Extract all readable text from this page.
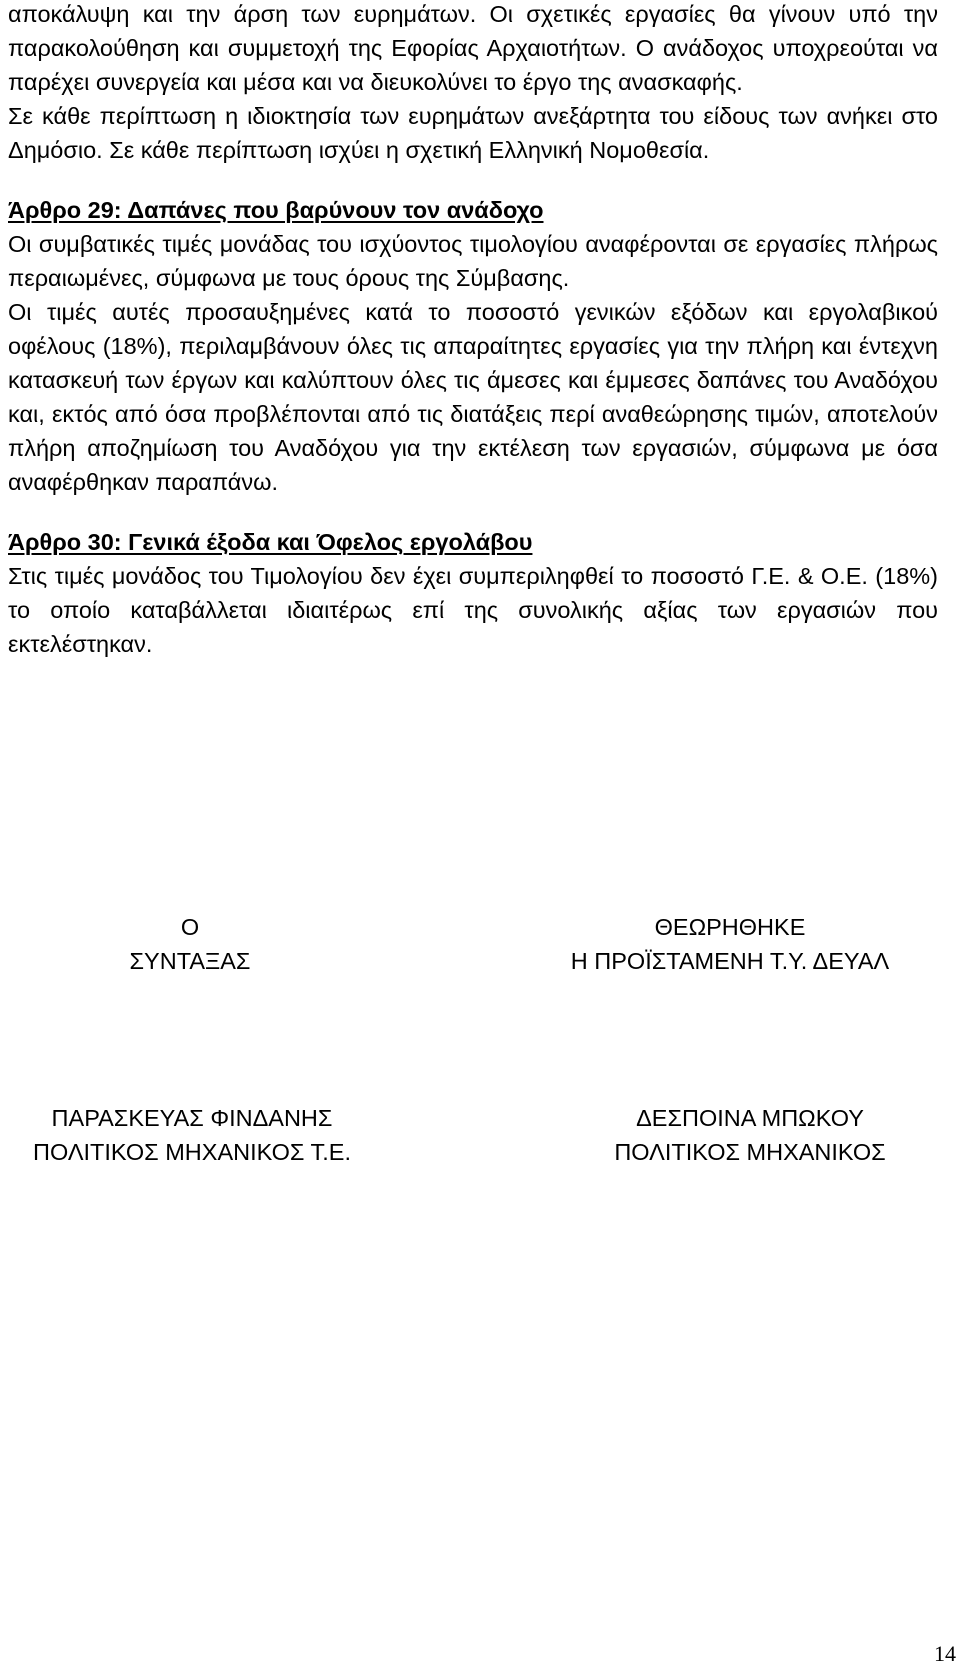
αποκάλυψη και την άρση των ευρημάτων. Οι σχετικές εργασίες θα γίνουν υπό την παρακολούθηση και συμμετοχή της Εφορίας Αρχαιοτήτων. Ο ανάδοχος υποχρεούται να παρέχει συνεργεία και μέσα και να διευκολύνει το έργο της ανασκαφής.

Σε κάθε περίπτωση η ιδιοκτησία των ευρημάτων ανεξάρτητα του είδους των ανήκει στο Δημόσιο. Σε κάθε περίπτωση ισχύει η σχετική Ελληνική Νομοθεσία.

Άρθρο 29: Δαπάνες που βαρύνουν τον ανάδοχο

Οι συμβατικές τιμές μονάδας του ισχύοντος τιμολογίου αναφέρονται σε εργασίες πλήρως περαιωμένες, σύμφωνα με τους όρους της Σύμβασης.

Οι τιμές αυτές προσαυξημένες κατά το ποσοστό γενικών εξόδων και εργολαβικού οφέλους (18%), περιλαμβάνουν όλες τις απαραίτητες εργασίες για την πλήρη και έντεχνη κατασκευή των έργων και καλύπτουν όλες τις άμεσες και έμμεσες δαπάνες του Αναδόχου και, εκτός από όσα προβλέπονται από τις διατάξεις περί αναθεώρησης τιμών, αποτελούν πλήρη αποζημίωση του Αναδόχου για την εκτέλεση των εργασιών, σύμφωνα με όσα αναφέρθηκαν παραπάνω.

Άρθρο 30: Γενικά έξοδα και Όφελος εργολάβου

Στις τιμές μονάδος του Τιμολογίου δεν έχει συμπεριληφθεί το ποσοστό Γ.Ε. & Ο.Ε. (18%) το οποίο καταβάλλεται ιδιαιτέρως επί της συνολικής αξίας των εργασιών που εκτελέστηκαν.

Ο
ΣΥΝΤΑΞΑΣ
ΘΕΩΡΗΘΗΚΕ
Η ΠΡΟΪΣΤΑΜΕΝΗ Τ.Υ. ΔΕΥΑΛ
ΠΑΡΑΣΚΕΥΑΣ ΦΙΝΔΑΝΗΣ
ΠΟΛΙΤΙΚΟΣ ΜΗΧΑΝΙΚΟΣ Τ.Ε.
ΔΕΣΠΟΙΝΑ ΜΠΩΚΟΥ
ΠΟΛΙΤΙΚΟΣ ΜΗΧΑΝΙΚΟΣ
14
